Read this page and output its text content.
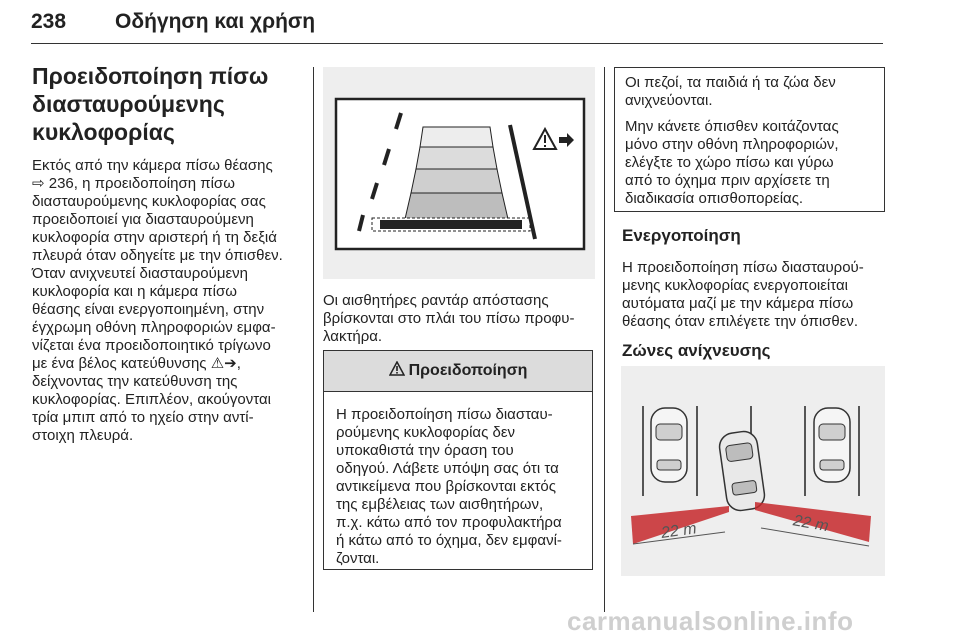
238 Οδήγηση και χρήση
Προειδοποίηση πίσω
διασταυρούμενης
κυκλοφορίας
Εκτός από την κάμερα πίσω θέασης
⇨ 236, η προειδοποίηση πίσω
διασταυρούμενης κυκλοφορίας σας
προειδοποιεί για διασταυρούμενη
κυκλοφορία στην αριστερή ή τη δεξιά
πλευρά όταν οδηγείτε με την όπισθεν.
Όταν ανιχνευτεί διασταυρούμενη
κυκλοφορία και η κάμερα πίσω
θέασης είναι ενεργοποιημένη, στην
έγχρωμη οθόνη πληροφοριών εμφα-
νίζεται ένα προειδοποιητικό τρίγωνο
με ένα βέλος κατεύθυνσης ⚠➔,
δείχνοντας την κατεύθυνση της
κυκλοφορίας. Επιπλέον, ακούγονται
τρία μπιπ από το ηχείο στην αντί-
στοιχη πλευρά.
Οι αισθητήρες ραντάρ απόστασης
βρίσκονται στο πλάι του πίσω προφυ-
λακτήρα.
Προειδοποίηση
Η προειδοποίηση πίσω διασταυ-
ρούμενης κυκλοφορίας δεν
υποκαθιστά την όραση του
οδηγού. Λάβετε υπόψη σας ότι τα
αντικείμενα που βρίσκονται εκτός
της εμβέλειας των αισθητήρων,
π.χ. κάτω από τον προφυλακτήρα
ή κάτω από το όχημα, δεν εμφανί-
ζονται.
Οι πεζοί, τα παιδιά ή τα ζώα δεν
ανιχνεύονται.
Μην κάνετε όπισθεν κοιτάζοντας
μόνο στην οθόνη πληροφοριών,
ελέγξτε το χώρο πίσω και γύρω
από το όχημα πριν αρχίσετε τη
διαδικασία οπισθοπορείας.
Ενεργοποίηση
Η προειδοποίηση πίσω διασταυρού-
μενης κυκλοφορίας ενεργοποιείται
αυτόματα μαζί με την κάμερα πίσω
θέασης όταν επιλέγετε την όπισθεν.
Ζώνες ανίχνευσης
22 m	22 m
carmanualsonline.info
